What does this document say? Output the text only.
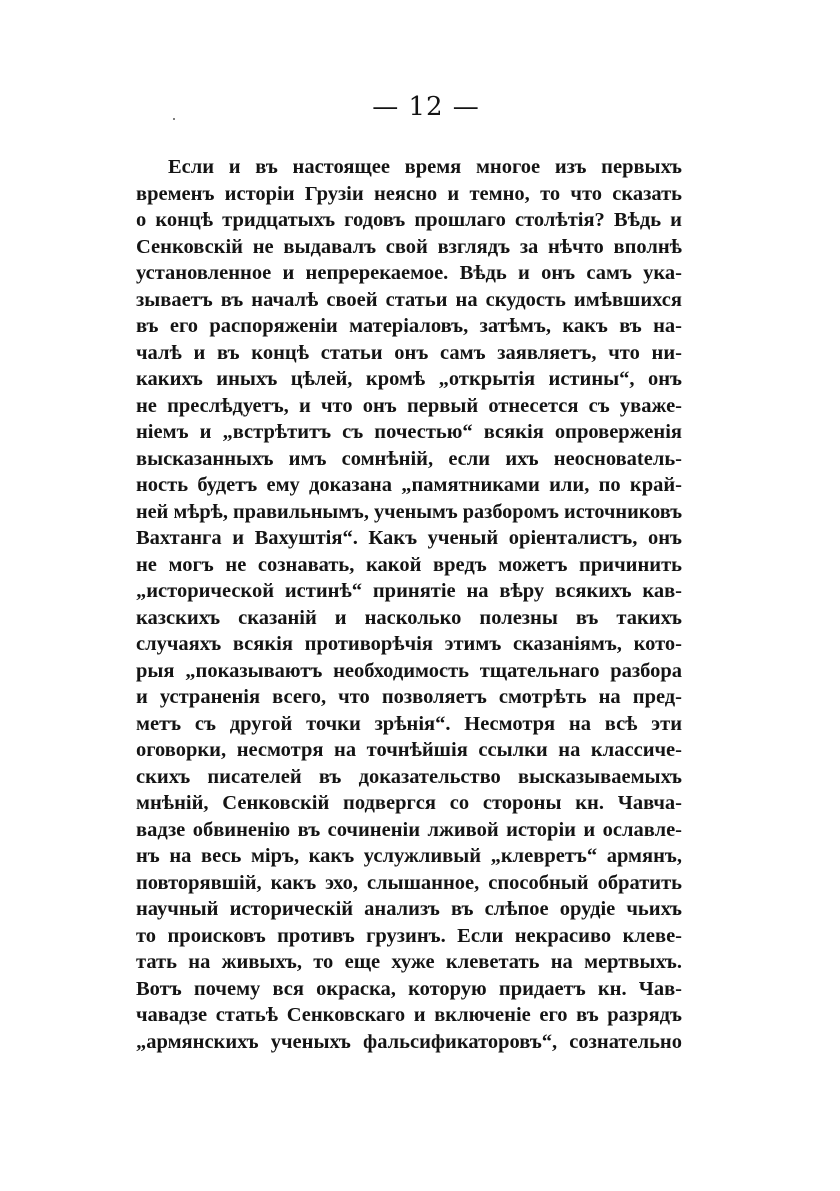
— 12 —
Если и въ настоящее время многое изъ первыхъ
временъ исторіи Грузіи неясно и темно, то что сказать
о концѣ тридцатыхъ годовъ прошлаго столѣтія? Вѣдь и
Сенковскій не выдавалъ свой взглядъ за нѣчто вполнѣ
установленное и непререкаемое. Вѣдь и онъ самъ ука-
зываетъ въ началѣ своей статьи на скудость имѣвшихся
въ его распоряженіи матеріаловъ, затѣмъ, какъ въ на-
чалѣ и въ концѣ статьи онъ самъ заявляетъ, что ни-
какихъ иныхъ цѣлей, кромѣ „открытія истины“, онъ
не преслѣдуетъ, и что онъ первый отнесется съ уваже-
ніемъ и „встрѣтитъ съ почестью“ всякія опроверженія
высказанныхъ имъ сомнѣній, если ихъ неосновatель-
ность будетъ ему доказана „памятниками или, по край-
ней мѣрѣ, правильнымъ, ученымъ разборомъ источниковъ
Вахтанга и Вахуштія“. Какъ ученый оріенталистъ, онъ
не могъ не сознавать, какой вредъ можетъ причинить
„исторической истинѣ“ принятіе на вѣру всякихъ кав-
казскихъ сказаній и насколько полезны въ такихъ
случаяхъ всякія противорѣчія этимъ сказаніямъ, кото-
рыя „показываютъ необходимость тщательнаго разбора
и устраненія всего, что позволяетъ смотрѣть на пред-
метъ съ другой точки зрѣнія“. Несмотря на всѣ эти
оговорки, несмотря на точнѣйшія ссылки на классиче-
скихъ писателей въ доказательство высказываемыхъ
мнѣній, Сенковскій подвергся со стороны кн. Чавча-
вадзе обвиненію въ сочиненіи лживой исторіи и ославле-
нъ на весь міръ, какъ услужливый „клевретъ“ армянъ,
повторявшій, какъ эхо, слышанное, способный обратить
научный историческій анализъ въ слѣпое орудіе чьихъ
то происковъ противъ грузинъ. Если некрасиво клеве-
тать на живыхъ, то еще хуже клеветать на мертвыхъ.
Вотъ почему вся окраска, которую придаетъ кн. Чав-
чавадзе статьѣ Сенковскаго и включеніе его въ разрядъ
„армянскихъ ученыхъ фальсификаторовъ“, сознательно
